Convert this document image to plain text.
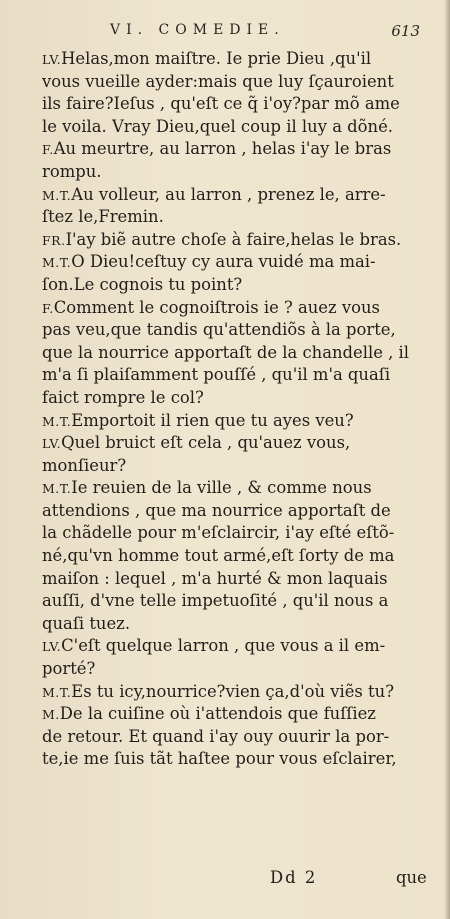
VI. COMEDIE.	613
LV.Helas,mon maiſtre. Ie prie Dieu ,qu'il
vous vueille ayder:mais que luy ſçauroient
ils faire?Ieſus , qu'eſt ce q̃ i'oy?par mõ ame
le voila. Vray Dieu,quel coup il luy a dõné.
F.Au meurtre, au larron , helas i'ay le bras
rompu.
M.T.Au volleur, au larron , prenez le, arre-
ſtez le,Fremin.
FR.I'ay biẽ autre choſe à faire,helas le bras.
M.T.O Dieu!ceſtuy cy aura vuidé ma mai-
ſon.Le cognois tu point?
F.Comment le cognoiſtrois ie ? auez vous
pas veu,que tandis qu'attendiõs à la porte,
que la nourrice apportaſt de la chandelle , il
m'a ſi plaiſamment pouſſé , qu'il m'a quaſi
faict rompre le col?
M.T.Emportoit il rien que tu ayes veu?
LV.Quel bruict eſt cela , qu'auez vous,
monſieur?
M.T.Ie reuien de la ville , & comme nous
attendions , que ma nourrice apportaſt de
la chãdelle pour m'eſclaircir, i'ay eſté eſtõ-
né,qu'vn homme tout armé,eſt ſorty de ma
maiſon : lequel , m'a hurté & mon laquais
auſſi, d'vne telle impetuoſité , qu'il nous a
quaſi tuez.
LV.C'eſt quelque larron , que vous a il em-
porté?
M.T.Es tu icy,nourrice?vien ça,d'où viẽs tu?
M.De la cuiſine où i'attendois que fuſſiez
de retour. Et quand i'ay ouy ouurir la por-
te,ie me ſuis tãt haſtee pour vous eſclairer,
Dd 2	que
